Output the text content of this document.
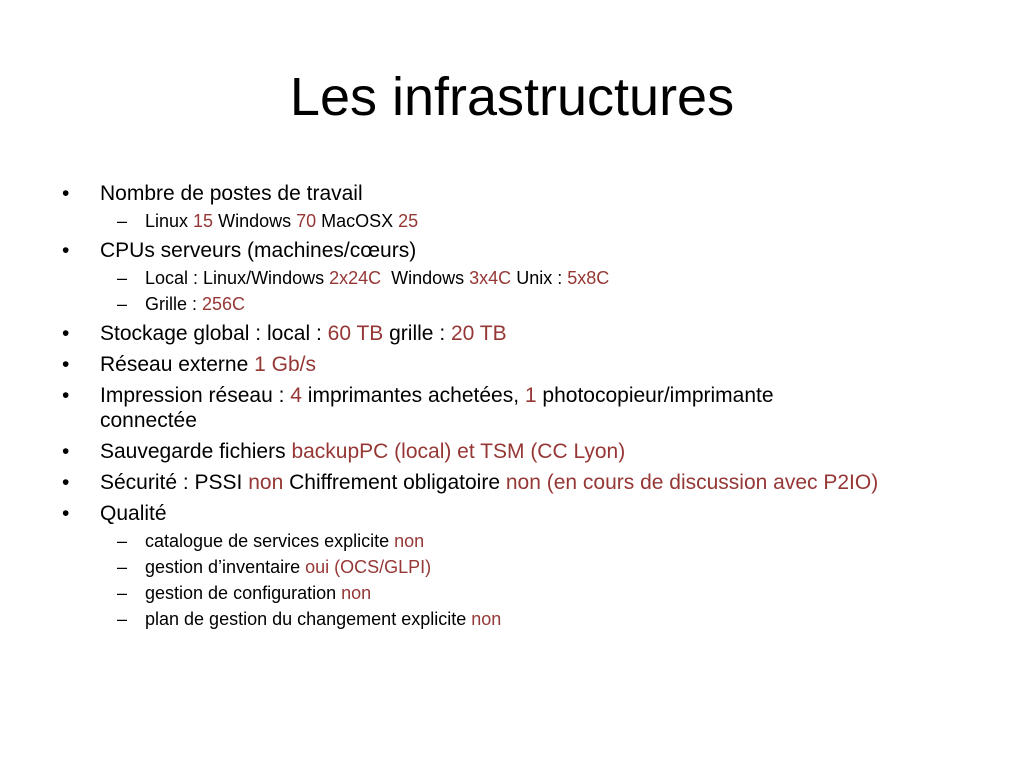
Les infrastructures
• Nombre de postes de travail
– Linux 15 Windows 70 MacOSX 25
• CPUs serveurs (machines/cœurs)
– Local : Linux/Windows 2x24C  Windows 3x4C Unix : 5x8C
– Grille : 256C
• Stockage global : local : 60 TB grille : 20 TB
• Réseau externe 1 Gb/s
• Impression réseau : 4 imprimantes achetées, 1 photocopieur/imprimante
connectée
• Sauvegarde fichiers backupPC (local) et TSM (CC Lyon)
• Sécurité : PSSI non Chiffrement obligatoire non (en cours de discussion avec P2IO)
• Qualité
– catalogue de services explicite non
– gestion d’inventaire oui (OCS/GLPI)
– gestion de configuration non
– plan de gestion du changement explicite non
